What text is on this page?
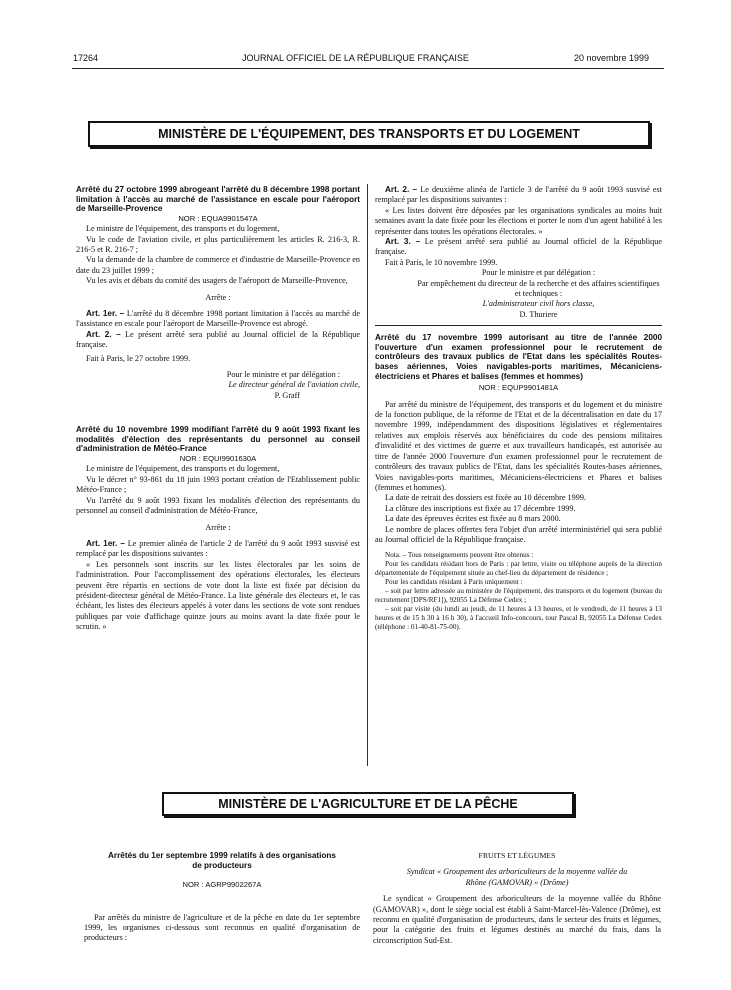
17264	JOURNAL OFFICIEL DE LA RÉPUBLIQUE FRANÇAISE	20 novembre 1999
MINISTÈRE DE L'ÉQUIPEMENT, DES TRANSPORTS ET DU LOGEMENT

Arrêté du 27 octobre 1999 abrogeant l'arrêté du 8 décembre 1998 portant limitation à l'accès au marché de l'assistance en escale pour l'aéroport de Marseille-Provence

NOR : EQUA9901547A

Le ministre de l'équipement, des transports et du logement,

Vu le code de l'aviation civile, et plus particulièrement les articles R. 216-3, R. 216-5 et R. 216-7 ;

Vu la demande de la chambre de commerce et d'industrie de Marseille-Provence en date du 23 juillet 1999 ;

Vu les avis et débats du comité des usagers de l'aéroport de Marseille-Provence,

Arrête :

Art. 1er. – L'arrêté du 8 décembre 1998 portant limitation à l'accès au marché de l'assistance en escale pour l'aéroport de Marseille-Provence est abrogé.

Art. 2. – Le présent arrêté sera publié au Journal officiel de la République française.

Fait à Paris, le 27 octobre 1999.

Pour le ministre et par délégation :

Le directeur général de l'aviation civile,

P. Graff

Arrêté du 10 novembre 1999 modifiant l'arrêté du 9 août 1993 fixant les modalités d'élection des représentants du personnel au conseil d'administration de Météo-France

NOR : EQUI9901630A

Le ministre de l'équipement, des transports et du logement,

Vu le décret n° 93-861 du 18 juin 1993 portant création de l'Etablissement public Météo-France ;

Vu l'arrêté du 9 août 1993 fixant les modalités d'élection des représentants du personnel au conseil d'administration de Météo-France,

Arrête :

Art. 1er. – Le premier alinéa de l'article 2 de l'arrêté du 9 août 1993 susvisé est remplacé par les dispositions suivantes :

« Les personnels sont inscrits sur les listes électorales par les soins de l'administration. Pour l'accomplissement des opérations électorales, les électeurs peuvent être répartis en sections de vote dont la liste est fixée par décision du président-directeur général de Météo-France. La liste générale des électeurs et, le cas échéant, les listes des électeurs appelés à voter dans les sections de vote sont rendues publiques par voie d'affichage quinze jours au moins avant la date fixée pour le scrutin. »

Art. 2. – Le deuxième alinéa de l'article 3 de l'arrêté du 9 août 1993 susvisé est remplacé par les dispositions suivantes :

« Les listes doivent être déposées par les organisations syndicales au moins huit semaines avant la date fixée pour les élections et porter le nom d'un agent habilité à les représenter dans toutes les opérations électorales. »

Art. 3. – Le présent arrêté sera publié au Journal officiel de la République française.

Fait à Paris, le 10 novembre 1999.

Pour le ministre et par délégation :

Par empêchement du directeur de la recherche et des affaires scientifiques et techniques :

L'administrateur civil hors classe,

D. Thuriere

Arrêté du 17 novembre 1999 autorisant au titre de l'année 2000 l'ouverture d'un examen professionnel pour le recrutement de contrôleurs des travaux publics de l'Etat dans les spécialités Routes-bases aériennes, Voies navigables-ports maritimes, Mécaniciens-électriciens et Phares et balises (femmes et hommes)

NOR : EQUP9901481A

Par arrêté du ministre de l'équipement, des transports et du logement et du ministre de la fonction publique, de la réforme de l'Etat et de la décentralisation en date du 17 novembre 1999, indépendamment des dispositions législatives et réglementaires relatives aux emplois réservés aux bénéficiaires du code des pensions militaires d'invalidité et des victimes de guerre et aux travailleurs handicapés, est autorisée au titre de l'année 2000 l'ouverture d'un examen professionnel pour le recrutement de contrôleurs des travaux publics de l'Etat, dans les spécialités Routes-bases aériennes, Voies navigables-ports maritimes, Mécaniciens-électriciens et Phares et balises (femmes et hommes).

La date de retrait des dossiers est fixée au 10 décembre 1999.

La clôture des inscriptions est fixée au 17 décembre 1999.

La date des épreuves écrites est fixée au 8 mars 2000.

Le nombre de places offertes fera l'objet d'un arrêté interministériel qui sera publié au Journal officiel de la République française.

Nota. – Tous renseignements peuvent être obtenus :

Pour les candidats résidant hors de Paris : par lettre, visite ou téléphone auprès de la direction départementale de l'équipement située au chef-lieu du département de résidence ;

Pour les candidats résidant à Paris uniquement :

– soit par lettre adressée au ministère de l'équipement, des transports et du logement (bureau du recrutement [DPS/RF1]), 92055 La Défense Cedex ;

– soit par visite (du lundi au jeudi, de 11 heures à 13 heures, et le vendredi, de 11 heures à 13 heures et de 15 h 30 à 16 h 30), à l'accueil Info-concours, tour Pascal B, 92055 La Défense Cedex (téléphone : 01-40-81-75-00).

MINISTÈRE DE L'AGRICULTURE ET DE LA PÊCHE

Arrêtés du 1er septembre 1999 relatifs à des organisations de producteurs

NOR : AGRP9902267A

Par arrêtés du ministre de l'agriculture et de la pêche en date du 1er septembre 1999, les organismes ci-dessous sont reconnus en qualité d'organisation de producteurs :

FRUITS ET LÉGUMES

Syndicat « Groupement des arboriculteurs de la moyenne vallée du Rhône (GAMOVAR) » (Drôme)

Le syndicat « Groupement des arboriculteurs de la moyenne vallée du Rhône (GAMOVAR) », dont le siège social est établi à Saint-Marcel-lès-Valence (Drôme), est reconnu en qualité d'organisation de producteurs, dans le secteur des fruits et légumes, pour la catégorie des fruits et légumes destinés au marché du frais, dans la circonscription Sud-Est.
